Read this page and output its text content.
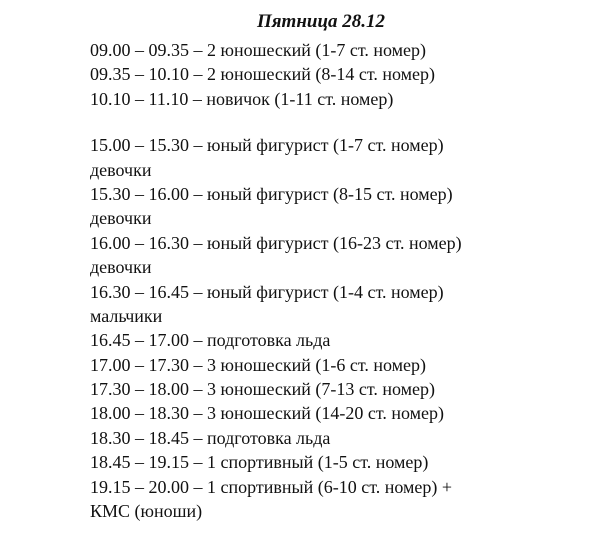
Пятница 28.12
09.00 – 09.35 – 2 юношеский (1-7 ст. номер)
09.35 – 10.10 – 2 юношеский (8-14 ст. номер)
10.10 – 11.10 – новичок (1-11 ст. номер)
15.00 – 15.30 – юный фигурист (1-7 ст. номер)
девочки
15.30 – 16.00 – юный фигурист (8-15 ст. номер)
девочки
16.00 – 16.30 – юный фигурист (16-23 ст. номер)
девочки
16.30 – 16.45 – юный фигурист (1-4 ст. номер)
мальчики
16.45 – 17.00 – подготовка льда
17.00 – 17.30 – 3 юношеский (1-6 ст. номер)
17.30 – 18.00 – 3 юношеский (7-13 ст. номер)
18.00 – 18.30 – 3 юношеский (14-20 ст. номер)
18.30 – 18.45 – подготовка льда
18.45 – 19.15 – 1 спортивный (1-5 ст. номер)
19.15 – 20.00 – 1 спортивный (6-10 ст. номер) +
КМС (юноши)
